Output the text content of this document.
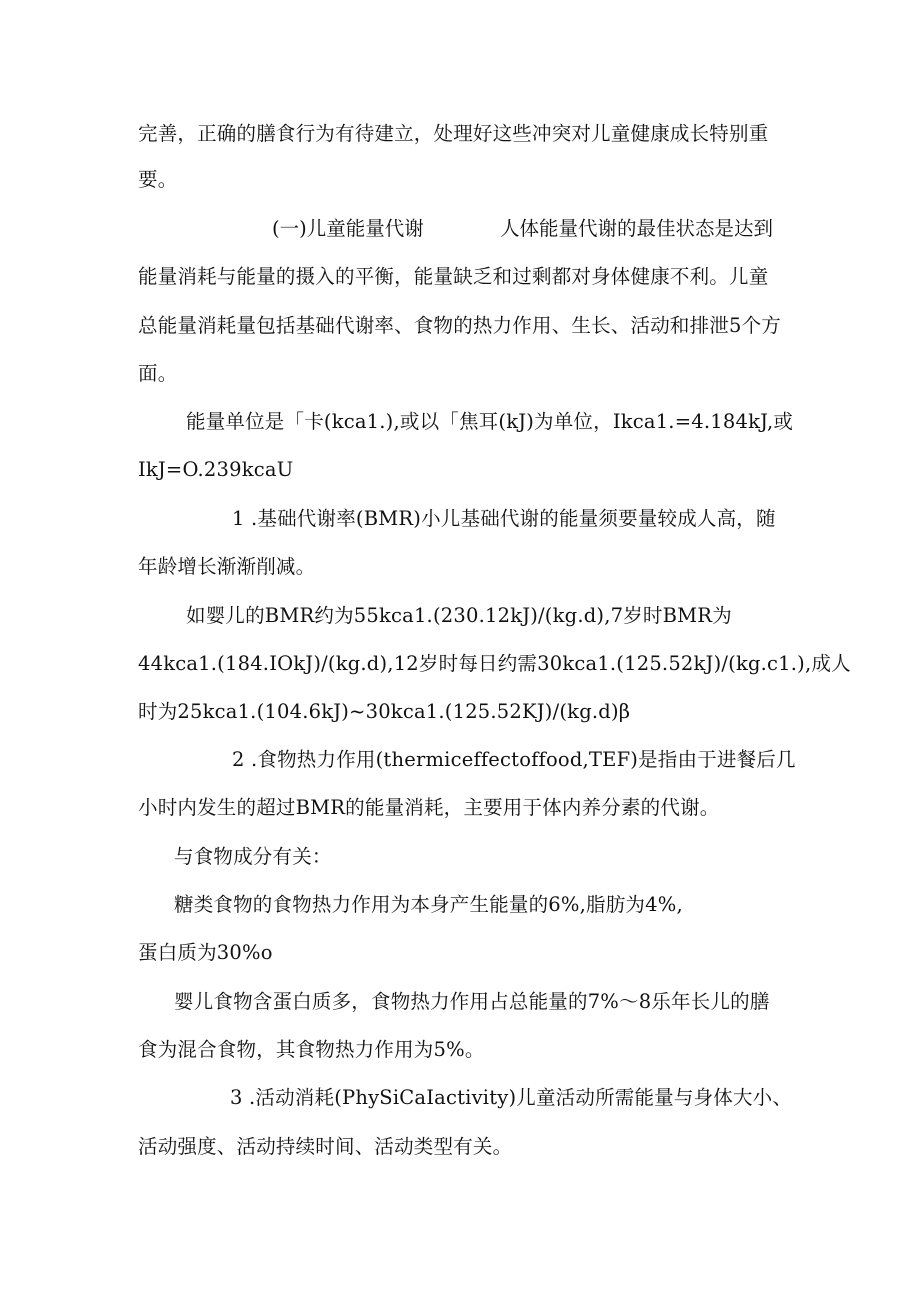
完善，正确的膳食行为有待建立，处理好这些冲突对儿童健康成长特别重
要。
(一)儿童能量代谢	人体能量代谢的最佳状态是达到
能量消耗与能量的摄入的平衡，能量缺乏和过剩都对身体健康不利。儿童
总能量消耗量包括基础代谢率、食物的热力作用、生长、活动和排泄5个方
面。
能量单位是「卡(kca1.),或以「焦耳(kJ)为单位，Ikca1.=4.184kJ,或
IkJ=O.239kcaU
1 .基础代谢率(BMR)小儿基础代谢的能量须要量较成人高，随
年龄增长渐渐削减。
如婴儿的BMR约为55kca1.(230.12kJ)/(kg.d),7岁时BMR为
44kca1.(184.IOkJ)/(kg.d),12岁时每日约需30kca1.(125.52kJ)/(kg.c1.),成人
时为25kca1.(104.6kJ)~30kca1.(125.52KJ)/(kg.d)β
2 .食物热力作用(thermiceffectoffood,TEF)是指由于进餐后几
小时内发生的超过BMR的能量消耗，主要用于体内养分素的代谢。
与食物成分有关：
糖类食物的食物热力作用为本身产生能量的6%,脂肪为4%,
蛋白质为30%o
婴儿食物含蛋白质多，食物热力作用占总能量的7%～8乐年长儿的膳
食为混合食物，其食物热力作用为5%。
3 .活动消耗(PhySiCaIactivity)儿童活动所需能量与身体大小、
活动强度、活动持续时间、活动类型有关。
